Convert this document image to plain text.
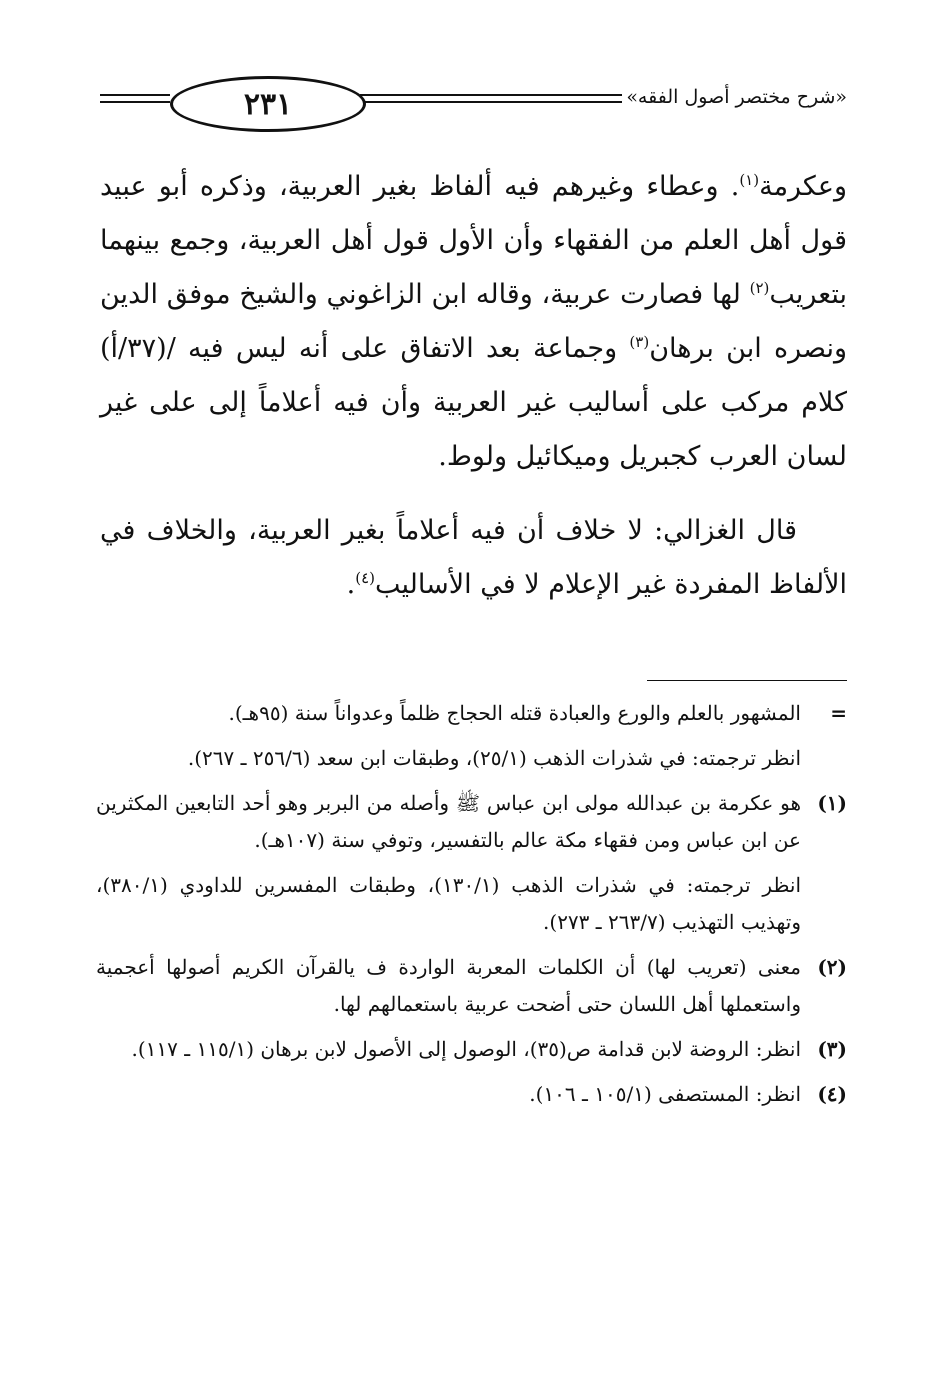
٢٣١	«شرح مختصر أصول الفقه»

وعكرمة$^{(١)}$. وعطاء وغيرهم فيه ألفاظ بغير العربية، وذكره أبو عبيد قول أهل العلم من الفقهاء وأن الأول قول أهل العربية، وجمع بينهما بتعريب$^{(٢)}$ لها فصارت عربية، وقاله ابن الزاغوني والشيخ موفق الدين ونصره ابن برهان$^{(٣)}$ وجماعة بعد الاتفاق على أنه ليس فيه /(٣٧/أ) كلام مركب على أساليب غير العربية وأن فيه أعلاماً إلى على غير لسان العرب كجبريل وميكائيل ولوط.

قال الغزالي: لا خلاف أن فيه أعلاماً بغير العربية، والخلاف في الألفاظ المفردة غير الإعلام لا في الأساليب$^{(٤)}$.

=

المشهور بالعلم والورع والعبادة قتله الحجاج ظلماً وعدواناً سنة (٩٥هـ).

انظر ترجمته: في شذرات الذهب (٢٥/١)، وطبقات ابن سعد (٢٥٦/٦ ـ ٢٦٧).

(١)

هو عكرمة بن عبدالله مولى ابن عباس ﷺ وأصله من البربر وهو أحد التابعين المكثرين عن ابن عباس ومن فقهاء مكة عالم بالتفسير، وتوفي سنة (١٠٧هـ).

انظر ترجمته: في شذرات الذهب (١٣٠/١)، وطبقات المفسرين للداودي (٣٨٠/١)، وتهذيب التهذيب (٢٦٣/٧ ـ ٢٧٣).

(٢)

معنى (تعريب لها) أن الكلمات المعربة الواردة ف يالقرآن الكريم أصولها أعجمية واستعملها أهل اللسان حتى أضحت عربية باستعمالهم لها.

(٣)

انظر: الروضة لابن قدامة ص(٣٥)، الوصول إلى الأصول لابن برهان (١١٥/١ ـ ١١٧).

(٤)

انظر: المستصفى (١٠٥/١ ـ ١٠٦).
